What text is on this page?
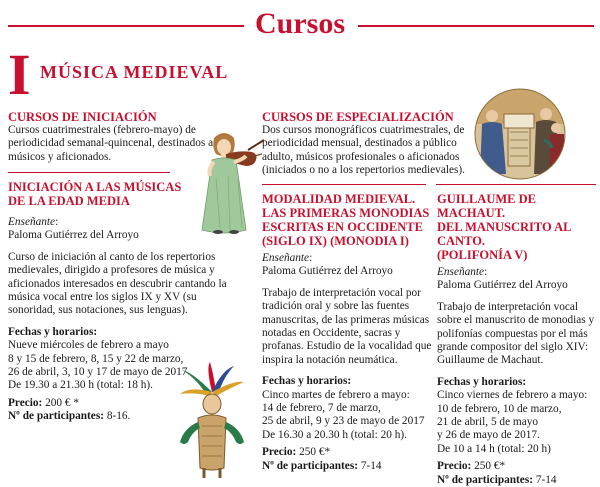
Cursos
I MÚSICA MEDIEVAL
CURSOS DE INICIACIÓN
Cursos cuatrimestrales (febrero-mayo) de periodicidad semanal-quincenal, destinados a músicos y aficionados.
CURSOS DE ESPECIALIZACIÓN
Dos cursos monográficos cuatrimestrales, de periodicidad mensual, destinados a público adulto, músicos profesionales o aficionados (iniciados o no a los repertorios medievales).
INICIACIÓN A LAS MÚSICAS
DE LA EDAD MEDIA
Enseñante:
Paloma Gutiérrez del Arroyo
Curso de iniciación al canto de los repertorios medievales, dirigido a profesores de música y aficionados interesados en descubrir cantando la música vocal entre los siglos IX y XV (su sonoridad, sus notaciones, sus lenguas).
Fechas y horarios:
Nueve miércoles de febrero a mayo
8 y 15 de febrero, 8, 15 y 22 de marzo,
26 de abril, 3, 10 y 17 de mayo de 2017
De 19.30 a 21.30 h (total: 18 h).
Precio: 200 € *
Nº de participantes: 8-16.
MODALIDAD MEDIEVAL.
LAS PRIMERAS MONODIAS
ESCRITAS EN OCCIDENTE
(SIGLO IX) (MONODIA I)
Enseñante:
Paloma Gutiérrez del Arroyo
Trabajo de interpretación vocal por tradición oral y sobre las fuentes manuscritas, de las primeras músicas notadas en Occidente, sacras y profanas. Estudio de la vocalidad que inspira la notación neumática.
Fechas y horarios:
Cinco martes de febrero a mayo:
14 de febrero, 7 de marzo,
25 de abril, 9 y 23 de mayo de 2017
De 16.30 a 20.30 h (total: 20 h).
Precio: 250 €*
Nº de participantes: 7-14
GUILLAUME DE MACHAUT.
DEL MANUSCRITO AL CANTO.
(POLIFONÍA V)
Enseñante:
Paloma Gutiérrez del Arroyo
Trabajo de interpretación vocal sobre el manuscrito de monodias y polifonías compuestas por el más grande compositor del siglo XIV: Guillaume de Machaut.
Fechas y horarios:
Cinco viernes de febrero a mayo:
10 de febrero, 10 de marzo,
21 de abril, 5 de mayo
y 26 de mayo de 2017.
De 10 a 14 h (total: 20 h)
Precio: 250 €*
Nº de participantes: 7-14
